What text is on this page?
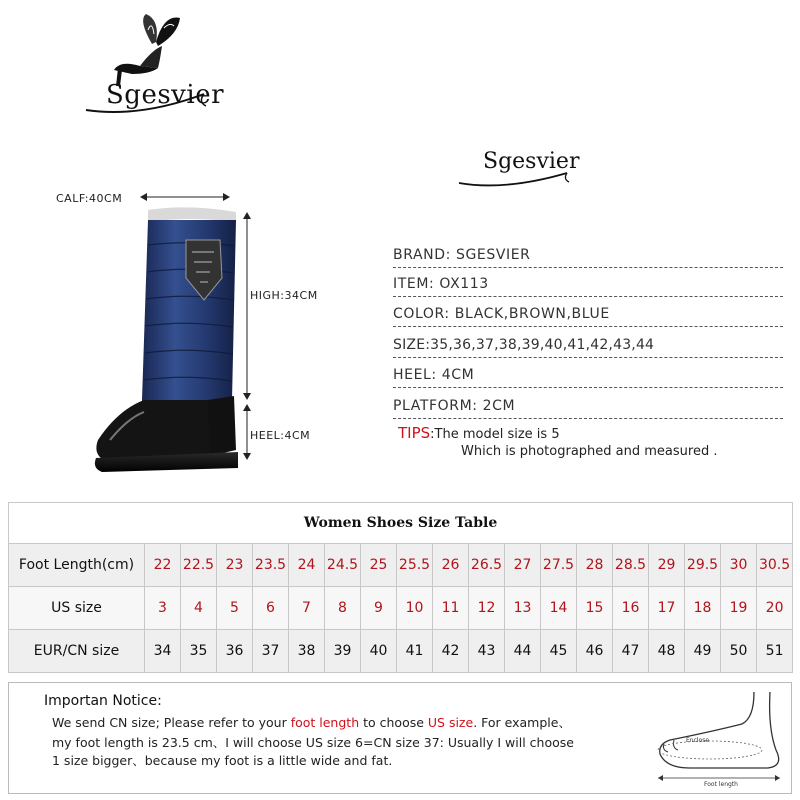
Sgesvier
Sgesvier
CALF:40CM
HIGH:34CM
HEEL:4CM
BRAND: SGESVIER
ITEM: OX113
COLOR: BLACK,BROWN,BLUE
SIZE:35,36,37,38,39,40,41,42,43,44
HEEL: 4CM
PLATFORM: 2CM
TIPS:The model size is 5
Which is photographed and measured .
Women Shoes Size Table																		
Foot Length(cm)	22	22.5	23	23.5	24	24.5	25	25.5	26	26.5	27	27.5	28	28.5	29	29.5	30	30.5
US size	3	4	5	6	7	8	9	10	11	12	13	14	15	16	17	18	19	20
EUR/CN size	34	35	36	37	38	39	40	41	42	43	44	45	46	47	48	49	50	51
Importan Notice:
We send CN size; Please refer to your foot length to choose US size. For example、
my foot length is 23.5 cm、I will choose US size 6=CN size 37: Usually I will choose
1 size bigger、because my foot is a little wide and fat.
Enclose
Foot length
